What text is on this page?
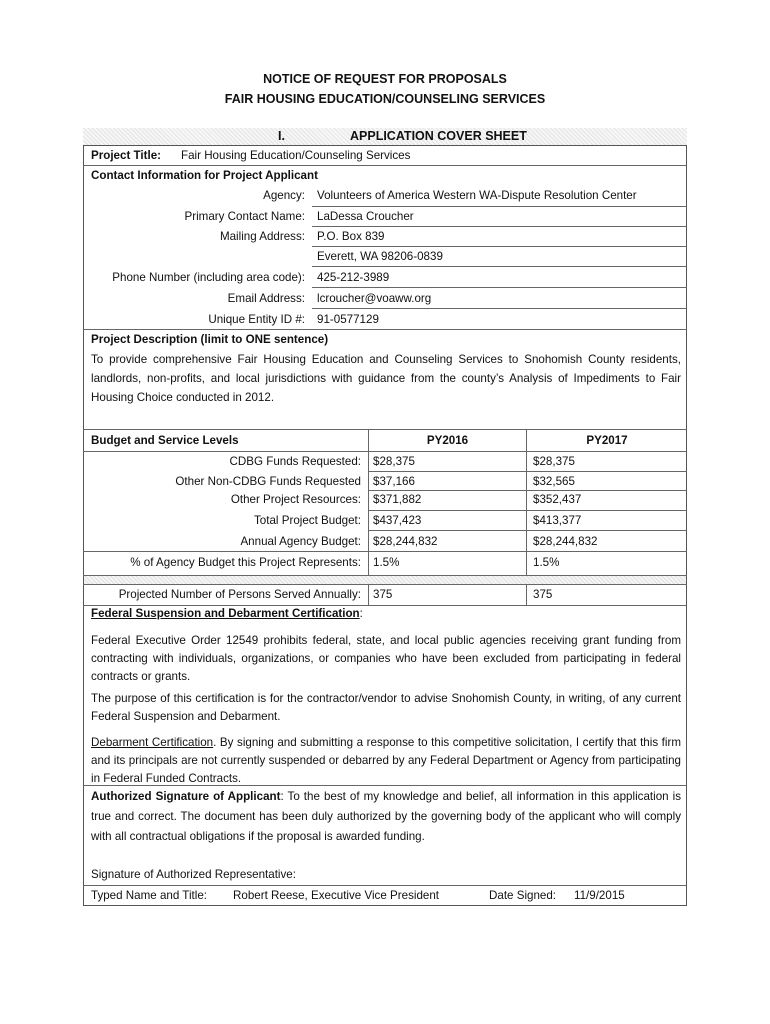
NOTICE OF REQUEST FOR PROPOSALS
FAIR HOUSING EDUCATION/COUNSELING SERVICES
I.	APPLICATION COVER SHEET
Project Title: Fair Housing Education/Counseling Services
Contact Information for Project Applicant
Agency: Volunteers of America Western WA-Dispute Resolution Center
Primary Contact Name: LaDessa Croucher
Mailing Address: P.O. Box 839
Everett, WA 98206-0839
Phone Number (including area code): 425-212-3989
Email Address: lcroucher@voaww.org
Unique Entity ID #: 91-0577129
Project Description (limit to ONE sentence)
To provide comprehensive Fair Housing Education and Counseling Services to Snohomish County residents, landlords, non-profits, and local jurisdictions with guidance from the county’s Analysis of Impediments to Fair Housing Choice conducted in 2012.
Budget and Service Levels	PY2016	PY2017
CDBG Funds Requested: $28,375	$28,375
Other Non-CDBG Funds Requested $37,166	$32,565
Other Project Resources: $371,882	$352,437
Total Project Budget: $437,423	$413,377
Annual Agency Budget: $28,244,832	$28,244,832
% of Agency Budget this Project Represents: 1.5%	1.5%
Projected Number of Persons Served Annually: 375	375
Federal Suspension and Debarment Certification:
Federal Executive Order 12549 prohibits federal, state, and local public agencies receiving grant funding from contracting with individuals, organizations, or companies who have been excluded from participating in federal contracts or grants.
The purpose of this certification is for the contractor/vendor to advise Snohomish County, in writing, of any current Federal Suspension and Debarment.
Debarment Certification. By signing and submitting a response to this competitive solicitation, I certify that this firm and its principals are not currently suspended or debarred by any Federal Department or Agency from participating in Federal Funded Contracts.
Authorized Signature of Applicant: To the best of my knowledge and belief, all information in this application is true and correct. The document has been duly authorized by the governing body of the applicant who will comply with all contractual obligations if the proposal is awarded funding.
Signature of Authorized Representative:
Typed Name and Title: Robert Reese, Executive Vice President	Date Signed: 11/9/2015
